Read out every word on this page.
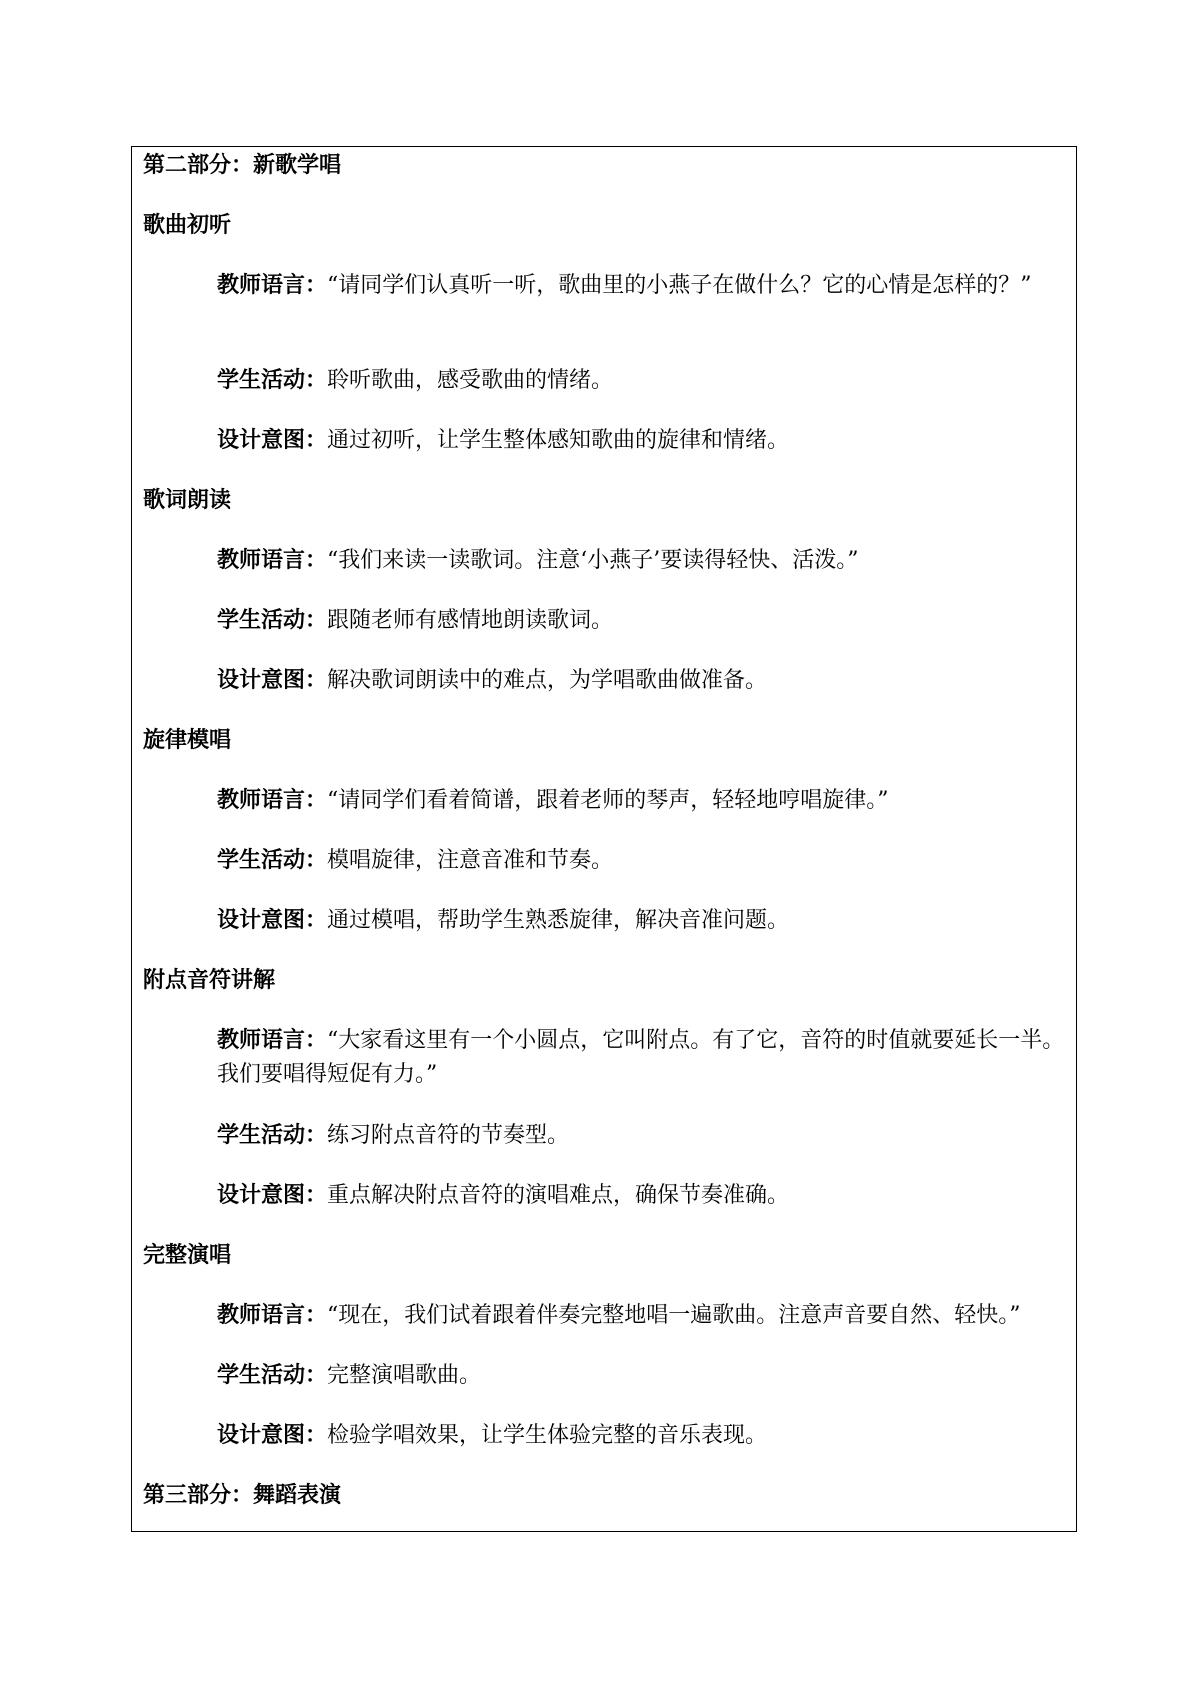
第二部分：新歌学唱
歌曲初听
教师语言：“请同学们认真听一听，歌曲里的小燕子在做什么？它的心情是怎样的？”
学生活动：聆听歌曲，感受歌曲的情绪。
设计意图：通过初听，让学生整体感知歌曲的旋律和情绪。
歌词朗读
教师语言：“我们来读一读歌词。注意‘小燕子’要读得轻快、活泼。”
学生活动：跟随老师有感情地朗读歌词。
设计意图：解决歌词朗读中的难点，为学唱歌曲做准备。
旋律模唱
教师语言：“请同学们看着简谱，跟着老师的琴声，轻轻地哼唱旋律。”
学生活动：模唱旋律，注意音准和节奏。
设计意图：通过模唱，帮助学生熟悉旋律，解决音准问题。
附点音符讲解
教师语言：“大家看这里有一个小圆点，它叫附点。有了它，音符的时值就要延长一半。我们要唱得短促有力。”
学生活动：练习附点音符的节奏型。
设计意图：重点解决附点音符的演唱难点，确保节奏准确。
完整演唱
教师语言：“现在，我们试着跟着伴奏完整地唱一遍歌曲。注意声音要自然、轻快。”
学生活动：完整演唱歌曲。
设计意图：检验学唱效果，让学生体验完整的音乐表现。
第三部分：舞蹈表演
